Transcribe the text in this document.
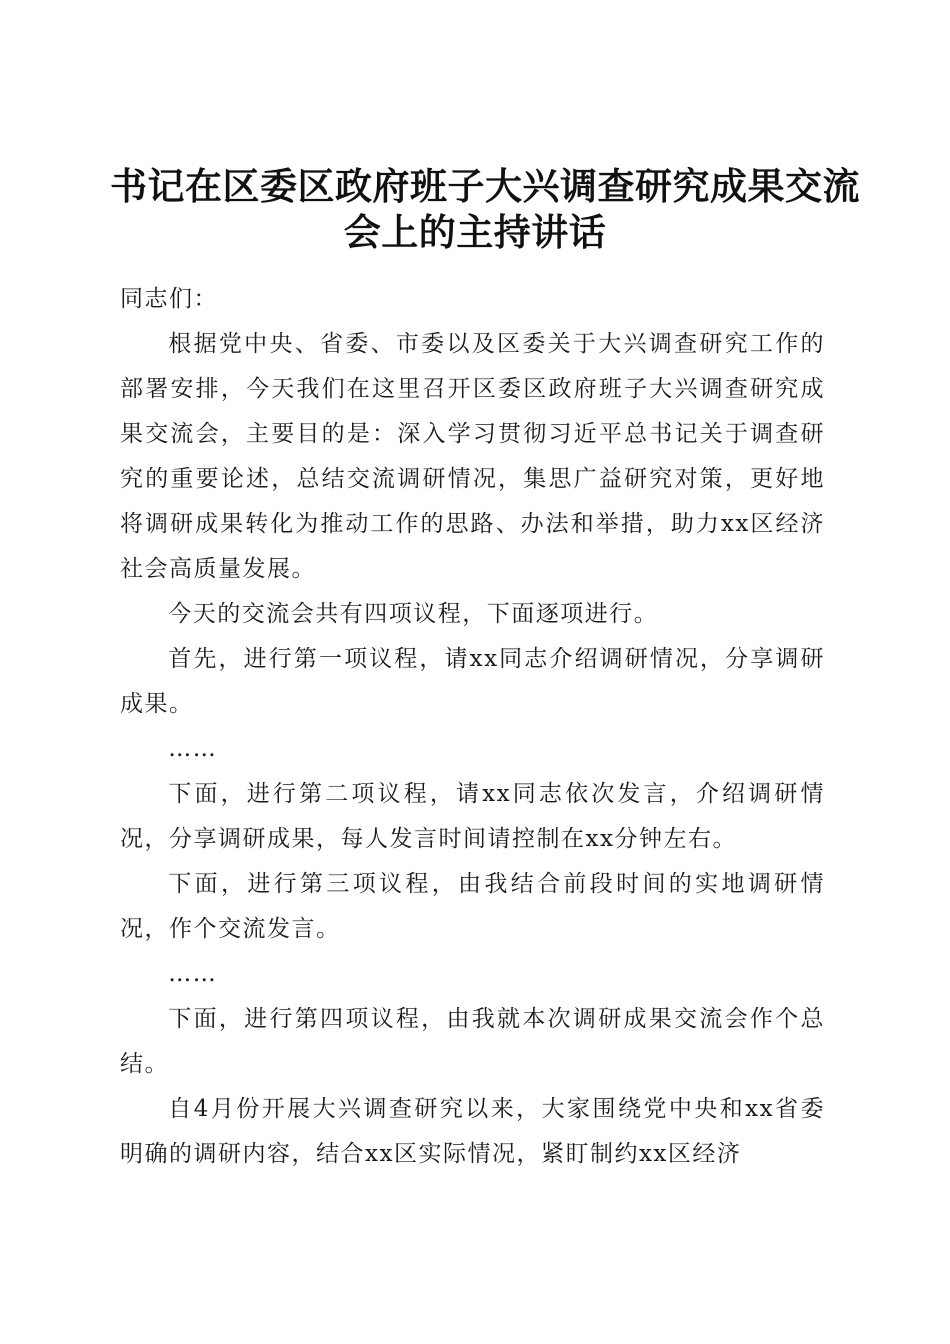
书记在区委区政府班子大兴调查研究成果交流
会上的主持讲话

同志们：

根据党中央、省委、市委以及区委关于大兴调查研究工作的部署安排，今天我们在这里召开区委区政府班子大兴调查研究成果交流会，主要目的是：深入学习贯彻习近平总书记关于调查研究的重要论述，总结交流调研情况，集思广益研究对策，更好地将调研成果转化为推动工作的思路、办法和举措，助力xx区经济社会高质量发展。

今天的交流会共有四项议程，下面逐项进行。

首先，进行第一项议程，请xx同志介绍调研情况，分享调研成果。

……

下面，进行第二项议程，请xx同志依次发言，介绍调研情况，分享调研成果，每人发言时间请控制在xx分钟左右。

下面，进行第三项议程，由我结合前段时间的实地调研情况，作个交流发言。

……

下面，进行第四项议程，由我就本次调研成果交流会作个总结。

自4月份开展大兴调查研究以来，大家围绕党中央和xx省委明确的调研内容，结合xx区实际情况，紧盯制约xx区经济
